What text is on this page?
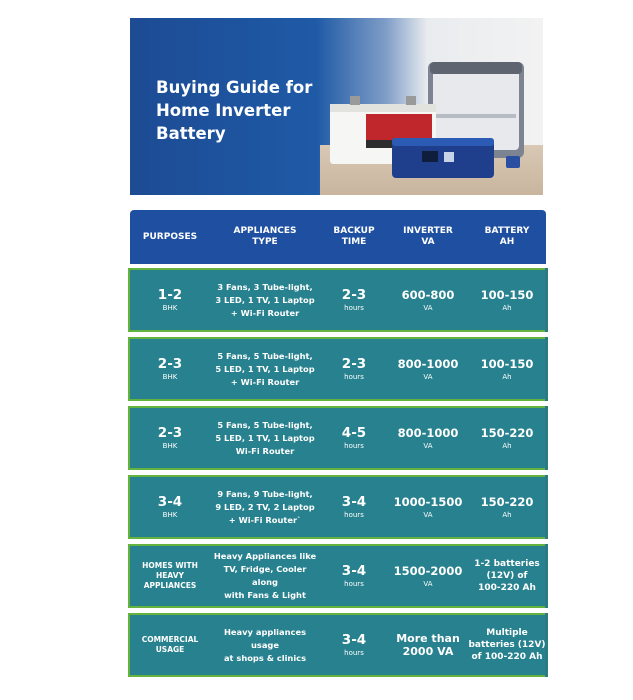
Buying Guide for
Home Inverter
Battery
PURPOSES
APPLIANCES
TYPE
BACKUP
TIME
INVERTER
VA
BATTERY
AH
1-2
BHK
3 Fans, 3 Tube-light,
3 LED, 1 TV, 1 Laptop
+ Wi-Fi Router
2-3
hours
600-800
VA
100-150
Ah
2-3
BHK
5 Fans, 5 Tube-light,
5 LED, 1 TV, 1 Laptop
+ Wi-Fi Router
2-3
hours
800-1000
VA
100-150
Ah
2-3
BHK
5 Fans, 5 Tube-light,
5 LED, 1 TV, 1 Laptop
Wi-Fi Router
4-5
hours
800-1000
VA
150-220
Ah
3-4
BHK
9 Fans, 9 Tube-light,
9 LED, 2 TV, 2 Laptop
+ Wi-Fi Router`
3-4
hours
1000-1500
VA
150-220
Ah
HOMES WITH
HEAVY
APPLIANCES
Heavy Appliances like
TV, Fridge, Cooler along
with Fans & Light
3-4
hours
1500-2000
VA
1-2 batteries
(12V) of
100-220 Ah
COMMERCIAL
USAGE
Heavy appliances usage
at shops & clinics
3-4
hours
More than
2000 VA
Multiple
batteries (12V)
of 100-220 Ah
